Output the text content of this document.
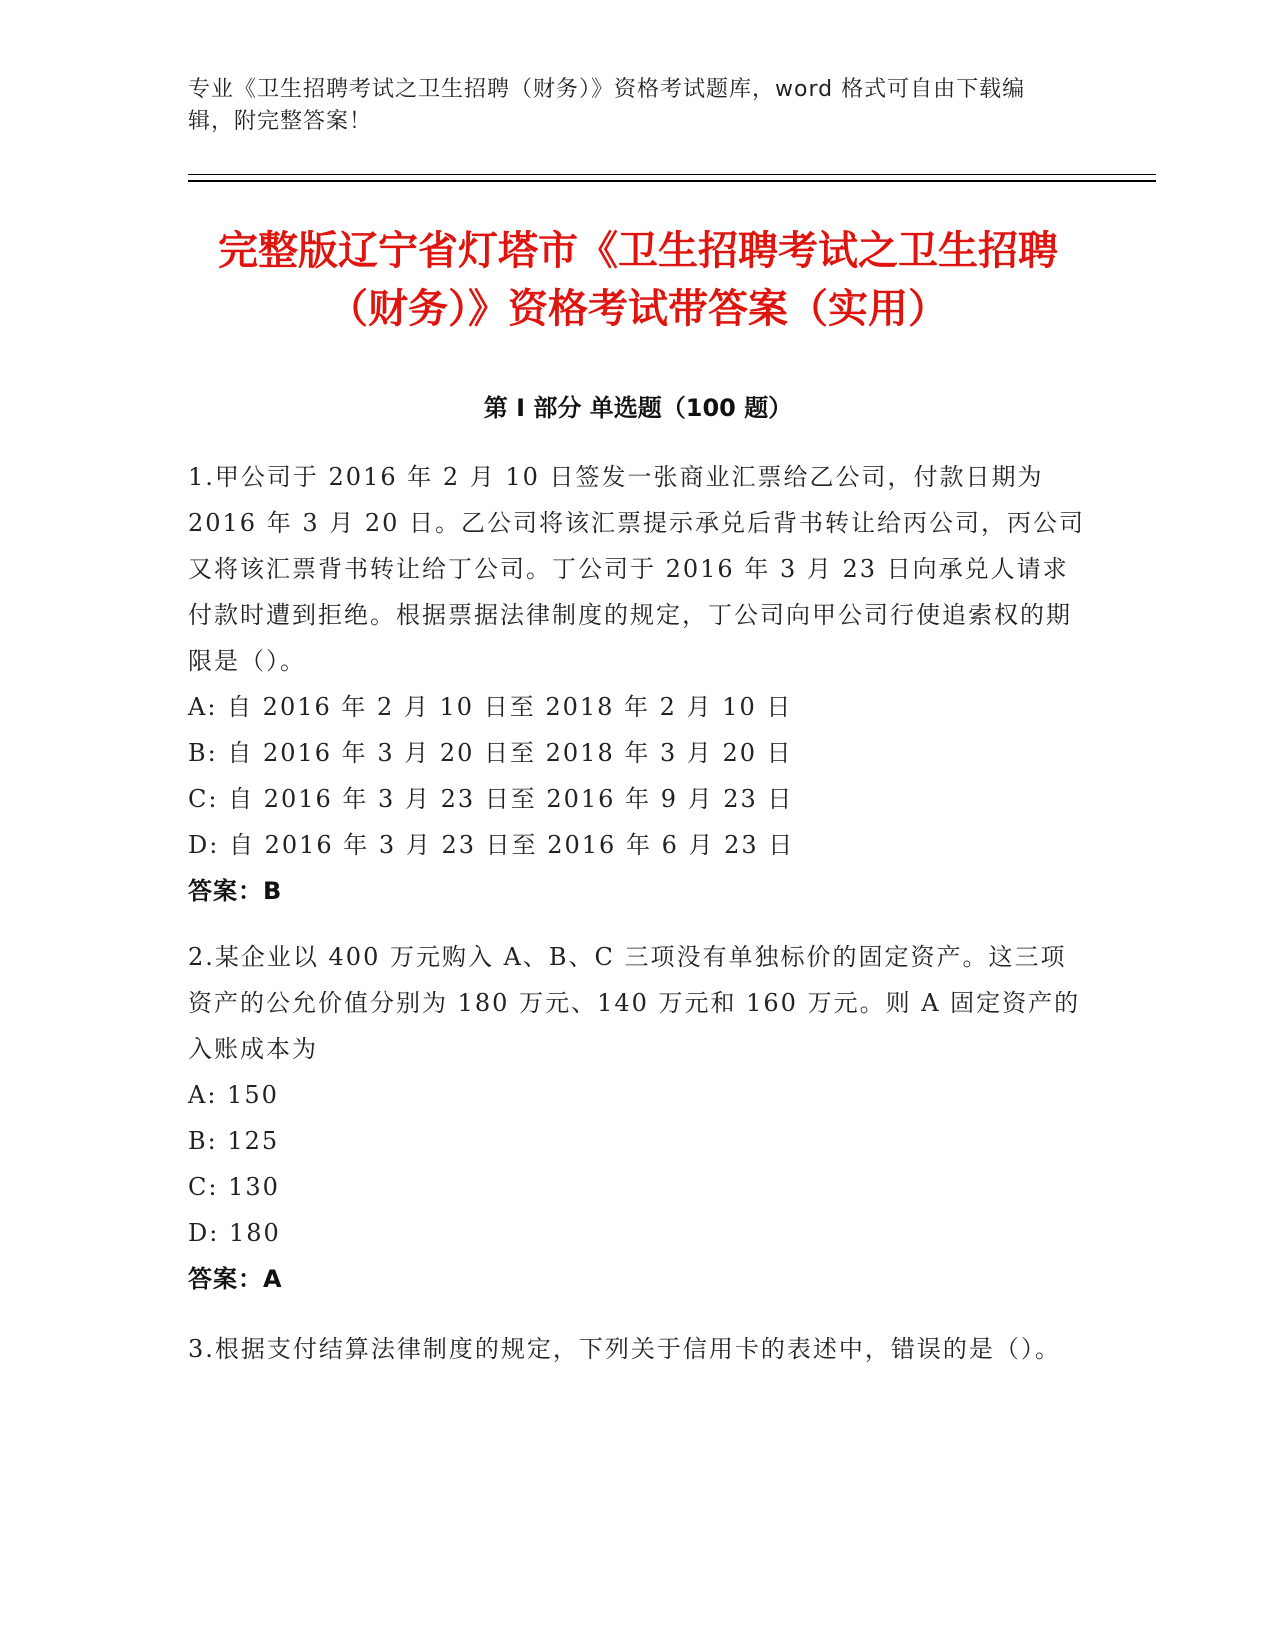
专业《卫生招聘考试之卫生招聘（财务）》资格考试题库，word 格式可自由下载编辑，附完整答案！
完整版辽宁省灯塔市《卫生招聘考试之卫生招聘（财务）》资格考试带答案（实用）
第 I 部分 单选题（100 题）

1.甲公司于 2016 年 2 月 10 日签发一张商业汇票给乙公司，付款日期为 2016 年 3 月 20 日。乙公司将该汇票提示承兑后背书转让给丙公司，丙公司又将该汇票背书转让给丁公司。丁公司于 2016 年 3 月 23 日向承兑人请求付款时遭到拒绝。根据票据法律制度的规定，丁公司向甲公司行使追索权的期限是（）。

A: 自 2016 年 2 月 10 日至 2018 年 2 月 10 日
B: 自 2016 年 3 月 20 日至 2018 年 3 月 20 日
C: 自 2016 年 3 月 23 日至 2016 年 9 月 23 日
D: 自 2016 年 3 月 23 日至 2016 年 6 月 23 日

答案：B

2.某企业以 400 万元购入 A、B、C 三项没有单独标价的固定资产。这三项资产的公允价值分别为 180 万元、140 万元和 160 万元。则 A 固定资产的入账成本为

A: 150
B: 125
C: 130
D: 180

答案：A

3.根据支付结算法律制度的规定，下列关于信用卡的表述中，错误的是（）。
